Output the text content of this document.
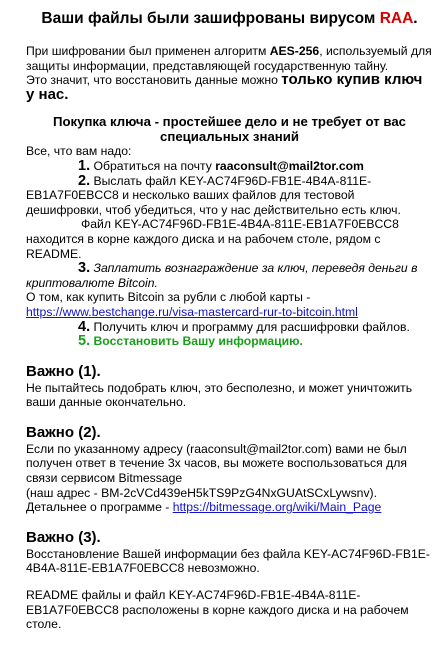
Ваши файлы были зашифрованы вирусом RAA.

При шифровании был применен алгоритм AES-256, используемый для защиты информации, представляющей государственную тайну.

Это значит, что восстановить данные можно только купив ключ у нас.

Покупка ключа - простейшее дело и не требует от вас специальных знаний

Все, что вам надо:

1. Обратиться на почту raaconsult@mail2tor.com

2. Выслать файл KEY-AC74F96D-FB1E-4B4A-811E-EB1A7F0EBCC8 и несколько ваших файлов для тестовой дешифровки, чтоб убедиться, что у нас действительно есть ключ.

Файл KEY-AC74F96D-FB1E-4B4A-811E-EB1A7F0EBCC8 находится в корне каждого диска и на рабочем столе, рядом с README.

3. Заплатить вознаграждение за ключ, переведя деньги в криптовалюте Bitcoin.

О том, как купить Bitcoin за рубли с любой карты - https://www.bestchange.ru/visa-mastercard-rur-to-bitcoin.html

4. Получить ключ и программу для расшифровки файлов.

5. Восстановить Вашу информацию.

Важно (1).

Не пытайтесь подобрать ключ, это бесполезно, и может уничтожить ваши данные окончательно.

Важно (2).

Если по указанному адресу (raaconsult@mail2tor.com) вами не был получен ответ в течение 3х часов, вы можете воспользоваться для связи сервисом Bitmessage

(наш адрес - BM-2cVCd439eH5kTS9PzG4NxGUAtSCxLywsnv).

Детальнее о программе - https://bitmessage.org/wiki/Main_Page

Важно (3).

Восстановление Вашей информации без файла KEY-AC74F96D-FB1E-4B4A-811E-EB1A7F0EBCC8 невозможно.

README файлы и файл KEY-AC74F96D-FB1E-4B4A-811E-EB1A7F0EBCC8 расположены в корне каждого диска и на рабочем столе.
